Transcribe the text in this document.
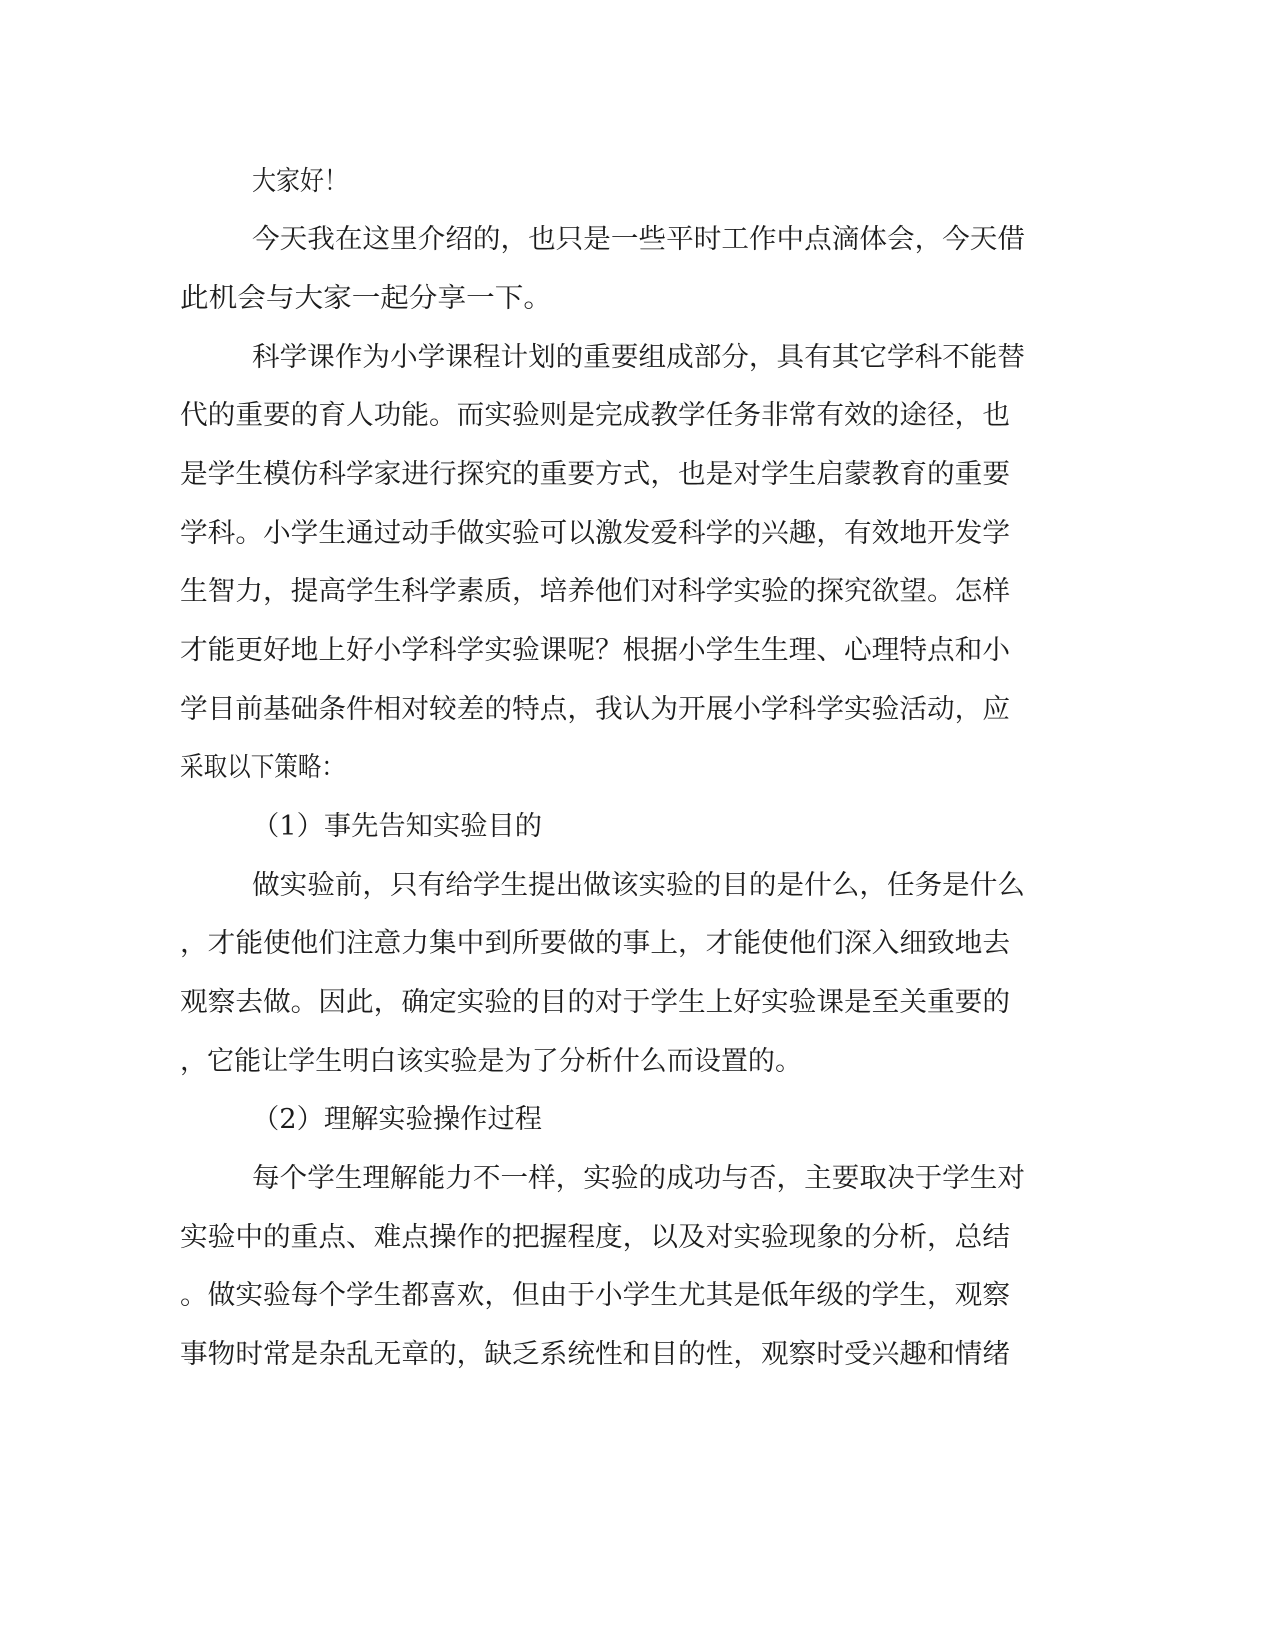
大家好！
今天我在这里介绍的，也只是一些平时工作中点滴体会，今天借
此机会与大家一起分享一下。
科学课作为小学课程计划的重要组成部分，具有其它学科不能替
代的重要的育人功能。而实验则是完成教学任务非常有效的途径，也
是学生模仿科学家进行探究的重要方式，也是对学生启蒙教育的重要
学科。小学生通过动手做实验可以激发爱科学的兴趣，有效地开发学
生智力，提高学生科学素质，培养他们对科学实验的探究欲望。怎样
才能更好地上好小学科学实验课呢？根据小学生生理、心理特点和小
学目前基础条件相对较差的特点，我认为开展小学科学实验活动，应
采取以下策略：
（1）事先告知实验目的
做实验前，只有给学生提出做该实验的目的是什么，任务是什么
，才能使他们注意力集中到所要做的事上，才能使他们深入细致地去
观察去做。因此，确定实验的目的对于学生上好实验课是至关重要的
，它能让学生明白该实验是为了分析什么而设置的。
（2）理解实验操作过程
每个学生理解能力不一样，实验的成功与否，主要取决于学生对
实验中的重点、难点操作的把握程度，以及对实验现象的分析，总结
。做实验每个学生都喜欢，但由于小学生尤其是低年级的学生，观察
事物时常是杂乱无章的，缺乏系统性和目的性，观察时受兴趣和情绪
